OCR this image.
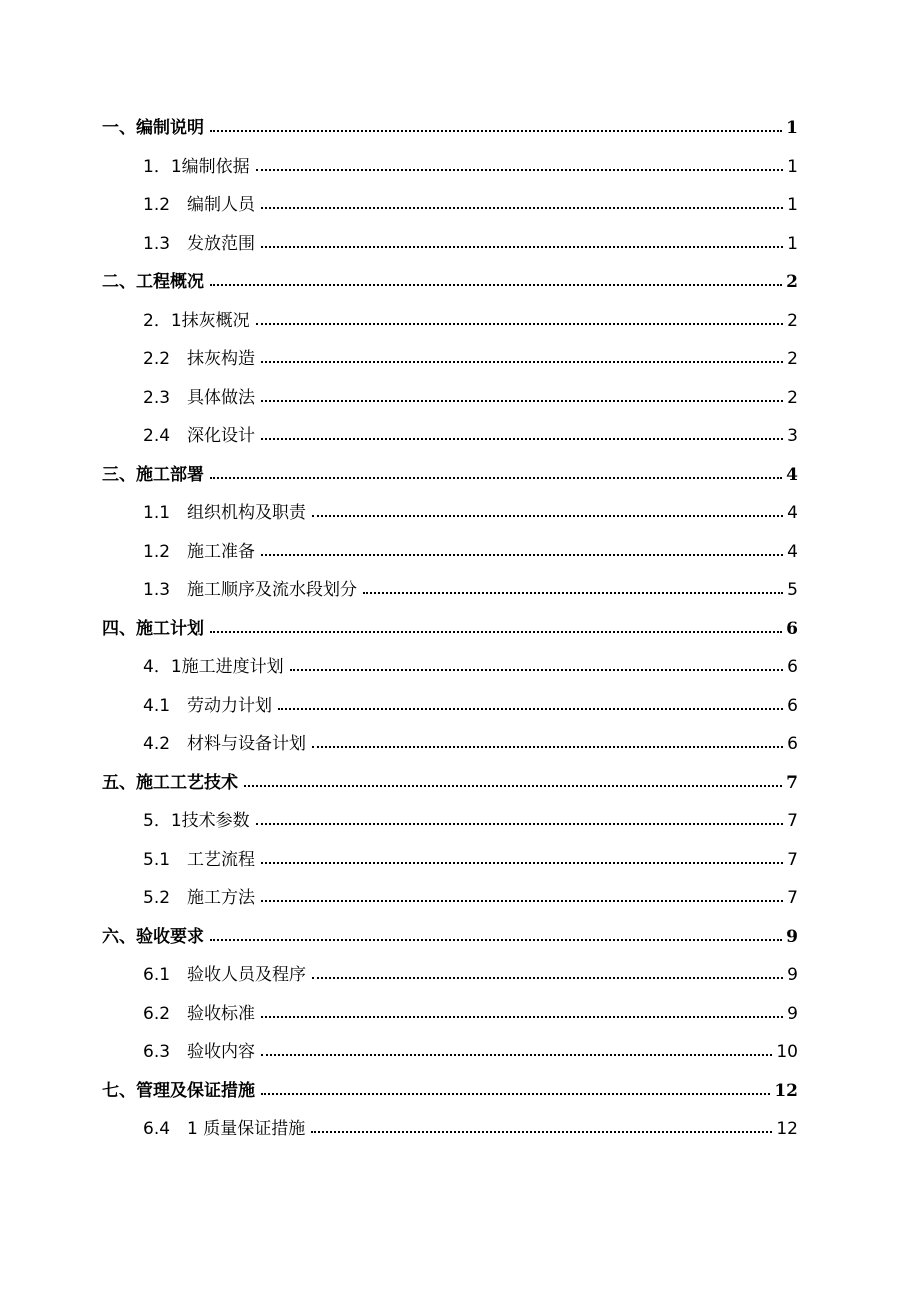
一、 编制说明	1
1．1 编制依据	1
1.2 编制人员	1
1.3 发放范围	1
二、 工程概况	2
2．1 抹灰概况	2
2.2 抹灰构造	2
2.3 具体做法	2
2.4 深化设计	3
三、 施工部署	4
1.1 组织机构及职责	4
1.2 施工准备	4
1.3 施工顺序及流水段划分	5
四、 施工计划	6
4．1 施工进度计划	6
4.1 劳动力计划	6
4.2 材料与设备计划	6
五、 施工工艺技术	7
5．1 技术参数	7
5.1 工艺流程	7
5.2 施工方法	7
六、 验收要求	9
6.1 验收人员及程序	9
6.2 验收标准	9
6.3 验收内容	10
七、 管理及保证措施	12
6.4 1 质量保证措施	12
